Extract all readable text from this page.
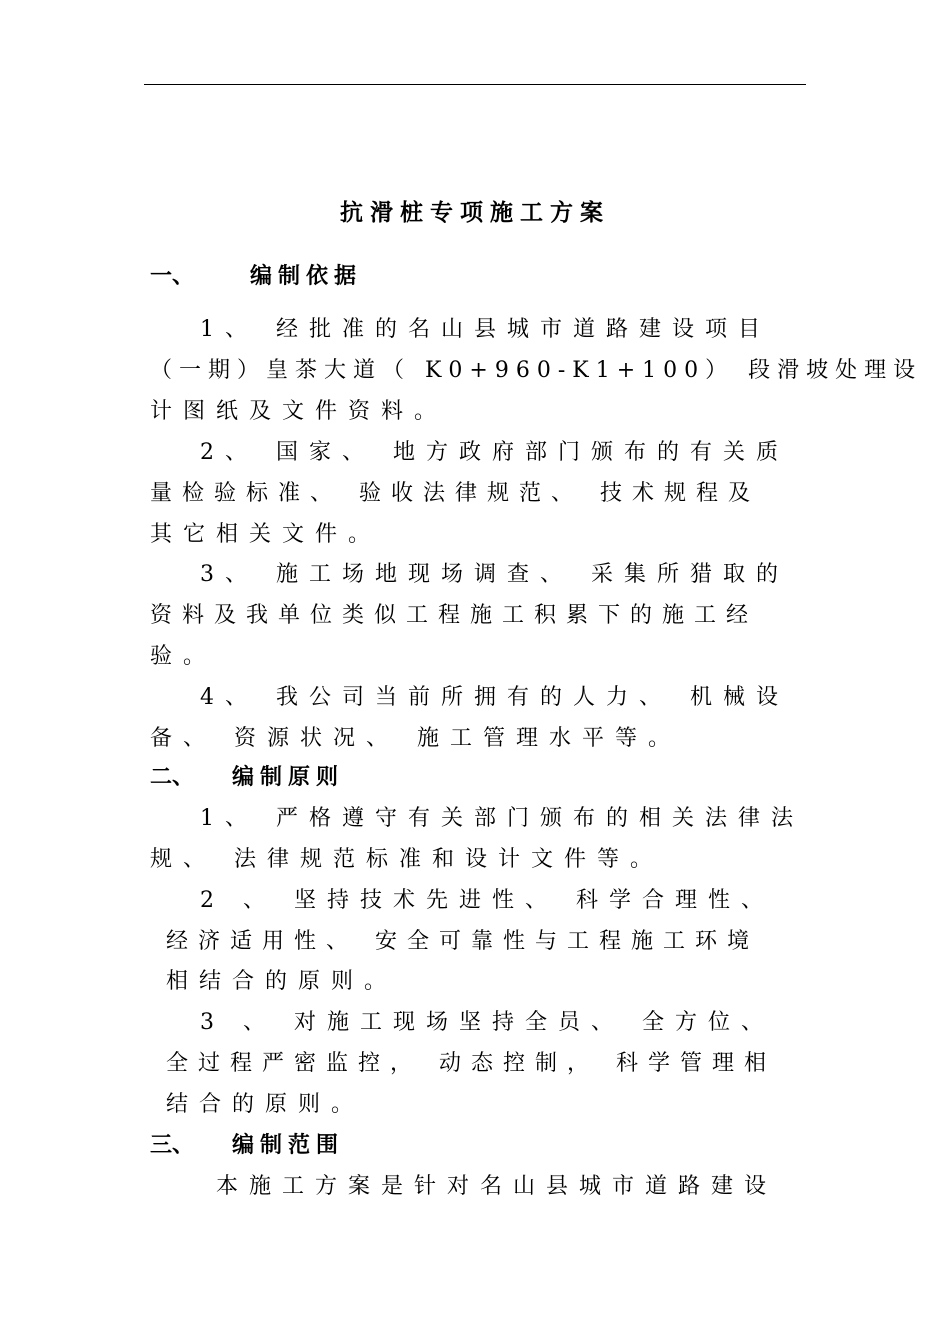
抗滑桩专项施工方案
一、	编制依据
1、 经批准的名山县城市道路建设项目
（一期）皇茶大道（ K0+960-K1+100） 段滑坡处理设
计图纸及文件资料。
2、 国家、 地方政府部门颁布的有关质
量检验标准、 验收法律规范、 技术规程及
其它相关文件。
3、 施工场地现场调查、 采集所猎取的
资料及我单位类似工程施工积累下的施工经
验。
4、 我公司当前所拥有的人力、 机械设
备、 资源状况、 施工管理水平等。
二、 编制原则
1、 严格遵守有关部门颁布的相关法律法
规、 法律规范标准和设计文件等。
2 、 坚持技术先进性、 科学合理性、
经济适用性、 安全可靠性与工程施工环境
相结合的原则。
3 、 对施工现场坚持全员、 全方位、
全过程严密监控， 动态控制， 科学管理相
结合的原则。
三、 编制范围
本施工方案是针对名山县城市道路建设
